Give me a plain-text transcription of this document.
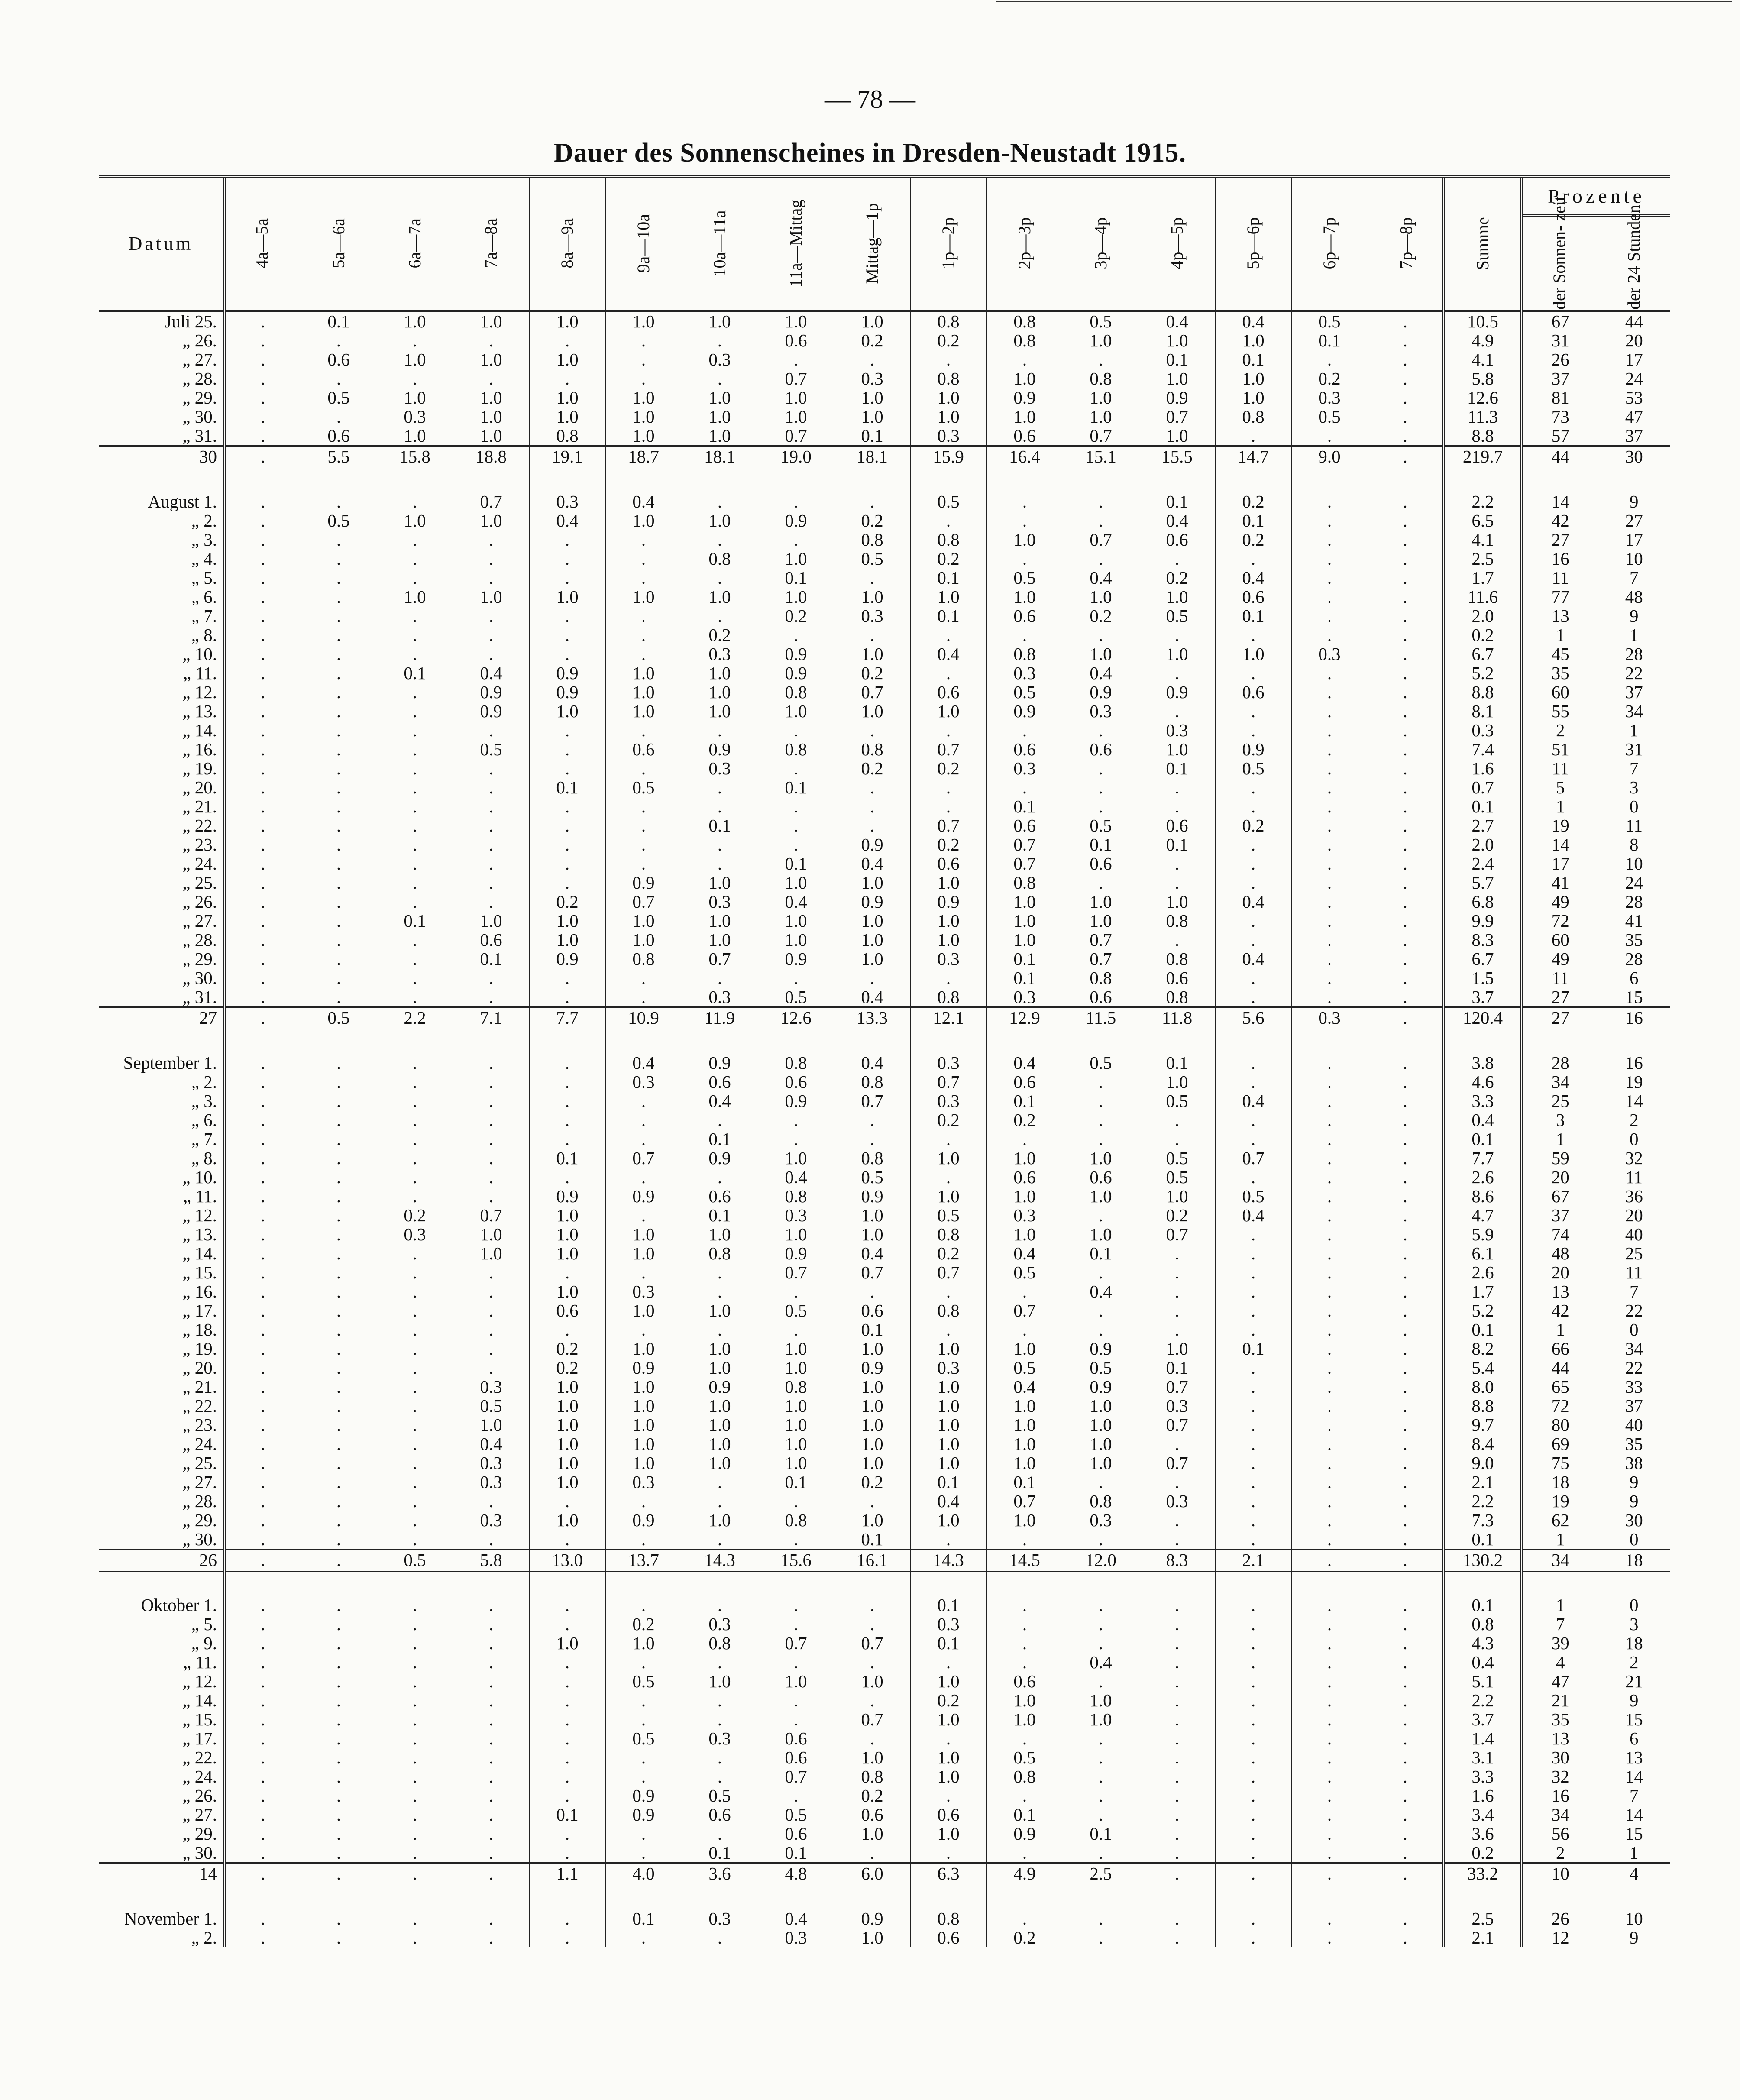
— 78 —
Dauer des Sonnenscheines in Dresden-Neustadt 1915.
Datum	4a—5a	5a—6a	6a—7a	7a—8a	8a—9a	9a—10a	10a—11a	11a—Mittag	Mittag—1p	1p—2p	2p—3p	3p—4p	4p—5p	5p—6p	6p—7p	7p—8p	Summe	Prozente	
																		der Sonnen- zeit	der 24 Stunden
Juli 25.	.	0.1	1.0	1.0	1.0	1.0	1.0	1.0	1.0	0.8	0.8	0.5	0.4	0.4	0.5	.	10.5	67	44
„ 26.	.	.	.	.	.	.	.	0.6	0.2	0.2	0.8	1.0	1.0	1.0	0.1	.	4.9	31	20
„ 27.	.	0.6	1.0	1.0	1.0	.	0.3	.	.	.	.	.	0.1	0.1	.	.	4.1	26	17
„ 28.	.	.	.	.	.	.	.	0.7	0.3	0.8	1.0	0.8	1.0	1.0	0.2	.	5.8	37	24
„ 29.	.	0.5	1.0	1.0	1.0	1.0	1.0	1.0	1.0	1.0	0.9	1.0	0.9	1.0	0.3	.	12.6	81	53
„ 30.	.	.	0.3	1.0	1.0	1.0	1.0	1.0	1.0	1.0	1.0	1.0	0.7	0.8	0.5	.	11.3	73	47
„ 31.	.	0.6	1.0	1.0	0.8	1.0	1.0	0.7	0.1	0.3	0.6	0.7	1.0	.	.	.	8.8	57	37
30	.	5.5	15.8	18.8	19.1	18.7	18.1	19.0	18.1	15.9	16.4	15.1	15.5	14.7	9.0	.	219.7	44	30

August 1.	.	.	.	0.7	0.3	0.4	.	.	.	0.5	.	.	0.1	0.2	.	.	2.2	14	9
„ 2.	.	0.5	1.0	1.0	0.4	1.0	1.0	0.9	0.2	.	.	.	0.4	0.1	.	.	6.5	42	27
„ 3.	.	.	.	.	.	.	.	.	0.8	0.8	1.0	0.7	0.6	0.2	.	.	4.1	27	17
„ 4.	.	.	.	.	.	.	0.8	1.0	0.5	0.2	.	.	.	.	.	.	2.5	16	10
„ 5.	.	.	.	.	.	.	.	0.1	.	0.1	0.5	0.4	0.2	0.4	.	.	1.7	11	7
„ 6.	.	.	1.0	1.0	1.0	1.0	1.0	1.0	1.0	1.0	1.0	1.0	1.0	0.6	.	.	11.6	77	48
„ 7.	.	.	.	.	.	.	.	0.2	0.3	0.1	0.6	0.2	0.5	0.1	.	.	2.0	13	9
„ 8.	.	.	.	.	.	.	0.2	.	.	.	.	.	.	.	.	.	0.2	1	1
„ 10.	.	.	.	.	.	.	0.3	0.9	1.0	0.4	0.8	1.0	1.0	1.0	0.3	.	6.7	45	28
„ 11.	.	.	0.1	0.4	0.9	1.0	1.0	0.9	0.2	.	0.3	0.4	.	.	.	.	5.2	35	22
„ 12.	.	.	.	0.9	0.9	1.0	1.0	0.8	0.7	0.6	0.5	0.9	0.9	0.6	.	.	8.8	60	37
„ 13.	.	.	.	0.9	1.0	1.0	1.0	1.0	1.0	1.0	0.9	0.3	.	.	.	.	8.1	55	34
„ 14.	.	.	.	.	.	.	.	.	.	.	.	.	0.3	.	.	.	0.3	2	1
„ 16.	.	.	.	0.5	.	0.6	0.9	0.8	0.8	0.7	0.6	0.6	1.0	0.9	.	.	7.4	51	31
„ 19.	.	.	.	.	.	.	0.3	.	0.2	0.2	0.3	.	0.1	0.5	.	.	1.6	11	7
„ 20.	.	.	.	.	0.1	0.5	.	0.1	.	.	.	.	.	.	.	.	0.7	5	3
„ 21.	.	.	.	.	.	.	.	.	.	.	0.1	.	.	.	.	.	0.1	1	0
„ 22.	.	.	.	.	.	.	0.1	.	.	0.7	0.6	0.5	0.6	0.2	.	.	2.7	19	11
„ 23.	.	.	.	.	.	.	.	.	0.9	0.2	0.7	0.1	0.1	.	.	.	2.0	14	8
„ 24.	.	.	.	.	.	.	.	0.1	0.4	0.6	0.7	0.6	.	.	.	.	2.4	17	10
„ 25.	.	.	.	.	.	0.9	1.0	1.0	1.0	1.0	0.8	.	.	.	.	.	5.7	41	24
„ 26.	.	.	.	.	0.2	0.7	0.3	0.4	0.9	0.9	1.0	1.0	1.0	0.4	.	.	6.8	49	28
„ 27.	.	.	0.1	1.0	1.0	1.0	1.0	1.0	1.0	1.0	1.0	1.0	0.8	.	.	.	9.9	72	41
„ 28.	.	.	.	0.6	1.0	1.0	1.0	1.0	1.0	1.0	1.0	0.7	.	.	.	.	8.3	60	35
„ 29.	.	.	.	0.1	0.9	0.8	0.7	0.9	1.0	0.3	0.1	0.7	0.8	0.4	.	.	6.7	49	28
„ 30.	.	.	.	.	.	.	.	.	.	.	0.1	0.8	0.6	.	.	.	1.5	11	6
„ 31.	.	.	.	.	.	.	0.3	0.5	0.4	0.8	0.3	0.6	0.8	.	.	.	3.7	27	15
27	.	0.5	2.2	7.1	7.7	10.9	11.9	12.6	13.3	12.1	12.9	11.5	11.8	5.6	0.3	.	120.4	27	16

September 1.	.	.	.	.	.	0.4	0.9	0.8	0.4	0.3	0.4	0.5	0.1	.	.	.	3.8	28	16
„ 2.	.	.	.	.	.	0.3	0.6	0.6	0.8	0.7	0.6	.	1.0	.	.	.	4.6	34	19
„ 3.	.	.	.	.	.	.	0.4	0.9	0.7	0.3	0.1	.	0.5	0.4	.	.	3.3	25	14
„ 6.	.	.	.	.	.	.	.	.	.	0.2	0.2	.	.	.	.	.	0.4	3	2
„ 7.	.	.	.	.	.	.	0.1	.	.	.	.	.	.	.	.	.	0.1	1	0
„ 8.	.	.	.	.	0.1	0.7	0.9	1.0	0.8	1.0	1.0	1.0	0.5	0.7	.	.	7.7	59	32
„ 10.	.	.	.	.	.	.	.	0.4	0.5	.	0.6	0.6	0.5	.	.	.	2.6	20	11
„ 11.	.	.	.	.	0.9	0.9	0.6	0.8	0.9	1.0	1.0	1.0	1.0	0.5	.	.	8.6	67	36
„ 12.	.	.	0.2	0.7	1.0	.	0.1	0.3	1.0	0.5	0.3	.	0.2	0.4	.	.	4.7	37	20
„ 13.	.	.	0.3	1.0	1.0	1.0	1.0	1.0	1.0	0.8	1.0	1.0	0.7	.	.	.	5.9	74	40
„ 14.	.	.	.	1.0	1.0	1.0	0.8	0.9	0.4	0.2	0.4	0.1	.	.	.	.	6.1	48	25
„ 15.	.	.	.	.	.	.	.	0.7	0.7	0.7	0.5	.	.	.	.	.	2.6	20	11
„ 16.	.	.	.	.	1.0	0.3	.	.	.	.	.	0.4	.	.	.	.	1.7	13	7
„ 17.	.	.	.	.	0.6	1.0	1.0	0.5	0.6	0.8	0.7	.	.	.	.	.	5.2	42	22
„ 18.	.	.	.	.	.	.	.	.	0.1	.	.	.	.	.	.	.	0.1	1	0
„ 19.	.	.	.	.	0.2	1.0	1.0	1.0	1.0	1.0	1.0	0.9	1.0	0.1	.	.	8.2	66	34
„ 20.	.	.	.	.	0.2	0.9	1.0	1.0	0.9	0.3	0.5	0.5	0.1	.	.	.	5.4	44	22
„ 21.	.	.	.	0.3	1.0	1.0	0.9	0.8	1.0	1.0	0.4	0.9	0.7	.	.	.	8.0	65	33
„ 22.	.	.	.	0.5	1.0	1.0	1.0	1.0	1.0	1.0	1.0	1.0	0.3	.	.	.	8.8	72	37
„ 23.	.	.	.	1.0	1.0	1.0	1.0	1.0	1.0	1.0	1.0	1.0	0.7	.	.	.	9.7	80	40
„ 24.	.	.	.	0.4	1.0	1.0	1.0	1.0	1.0	1.0	1.0	1.0	.	.	.	.	8.4	69	35
„ 25.	.	.	.	0.3	1.0	1.0	1.0	1.0	1.0	1.0	1.0	1.0	0.7	.	.	.	9.0	75	38
„ 27.	.	.	.	0.3	1.0	0.3	.	0.1	0.2	0.1	0.1	.	.	.	.	.	2.1	18	9
„ 28.	.	.	.	.	.	.	.	.	.	0.4	0.7	0.8	0.3	.	.	.	2.2	19	9
„ 29.	.	.	.	0.3	1.0	0.9	1.0	0.8	1.0	1.0	1.0	0.3	.	.	.	.	7.3	62	30
„ 30.	.	.	.	.	.	.	.	.	0.1	.	.	.	.	.	.	.	0.1	1	0
26	.	.	0.5	5.8	13.0	13.7	14.3	15.6	16.1	14.3	14.5	12.0	8.3	2.1	.	.	130.2	34	18

Oktober 1.	.	.	.	.	.	.	.	.	.	0.1	.	.	.	.	.	.	0.1	1	0
„ 5.	.	.	.	.	.	0.2	0.3	.	.	0.3	.	.	.	.	.	.	0.8	7	3
„ 9.	.	.	.	.	1.0	1.0	0.8	0.7	0.7	0.1	.	.	.	.	.	.	4.3	39	18
„ 11.	.	.	.	.	.	.	.	.	.	.	.	0.4	.	.	.	.	0.4	4	2
„ 12.	.	.	.	.	.	0.5	1.0	1.0	1.0	1.0	0.6	.	.	.	.	.	5.1	47	21
„ 14.	.	.	.	.	.	.	.	.	.	0.2	1.0	1.0	.	.	.	.	2.2	21	9
„ 15.	.	.	.	.	.	.	.	.	0.7	1.0	1.0	1.0	.	.	.	.	3.7	35	15
„ 17.	.	.	.	.	.	0.5	0.3	0.6	.	.	.	.	.	.	.	.	1.4	13	6
„ 22.	.	.	.	.	.	.	.	0.6	1.0	1.0	0.5	.	.	.	.	.	3.1	30	13
„ 24.	.	.	.	.	.	.	.	0.7	0.8	1.0	0.8	.	.	.	.	.	3.3	32	14
„ 26.	.	.	.	.	.	0.9	0.5	.	0.2	.	.	.	.	.	.	.	1.6	16	7
„ 27.	.	.	.	.	0.1	0.9	0.6	0.5	0.6	0.6	0.1	.	.	.	.	.	3.4	34	14
„ 29.	.	.	.	.	.	.	.	0.6	1.0	1.0	0.9	0.1	.	.	.	.	3.6	56	15
„ 30.	.	.	.	.	.	.	0.1	0.1	.	.	.	.	.	.	.	.	0.2	2	1
14	.	.	.	.	1.1	4.0	3.6	4.8	6.0	6.3	4.9	2.5	.	.	.	.	33.2	10	4

November 1.	.	.	.	.	.	0.1	0.3	0.4	0.9	0.8	.	.	.	.	.	.	2.5	26	10
„ 2.	.	.	.	.	.	.	.	0.3	1.0	0.6	0.2	.	.	.	.	.	2.1	12	9
